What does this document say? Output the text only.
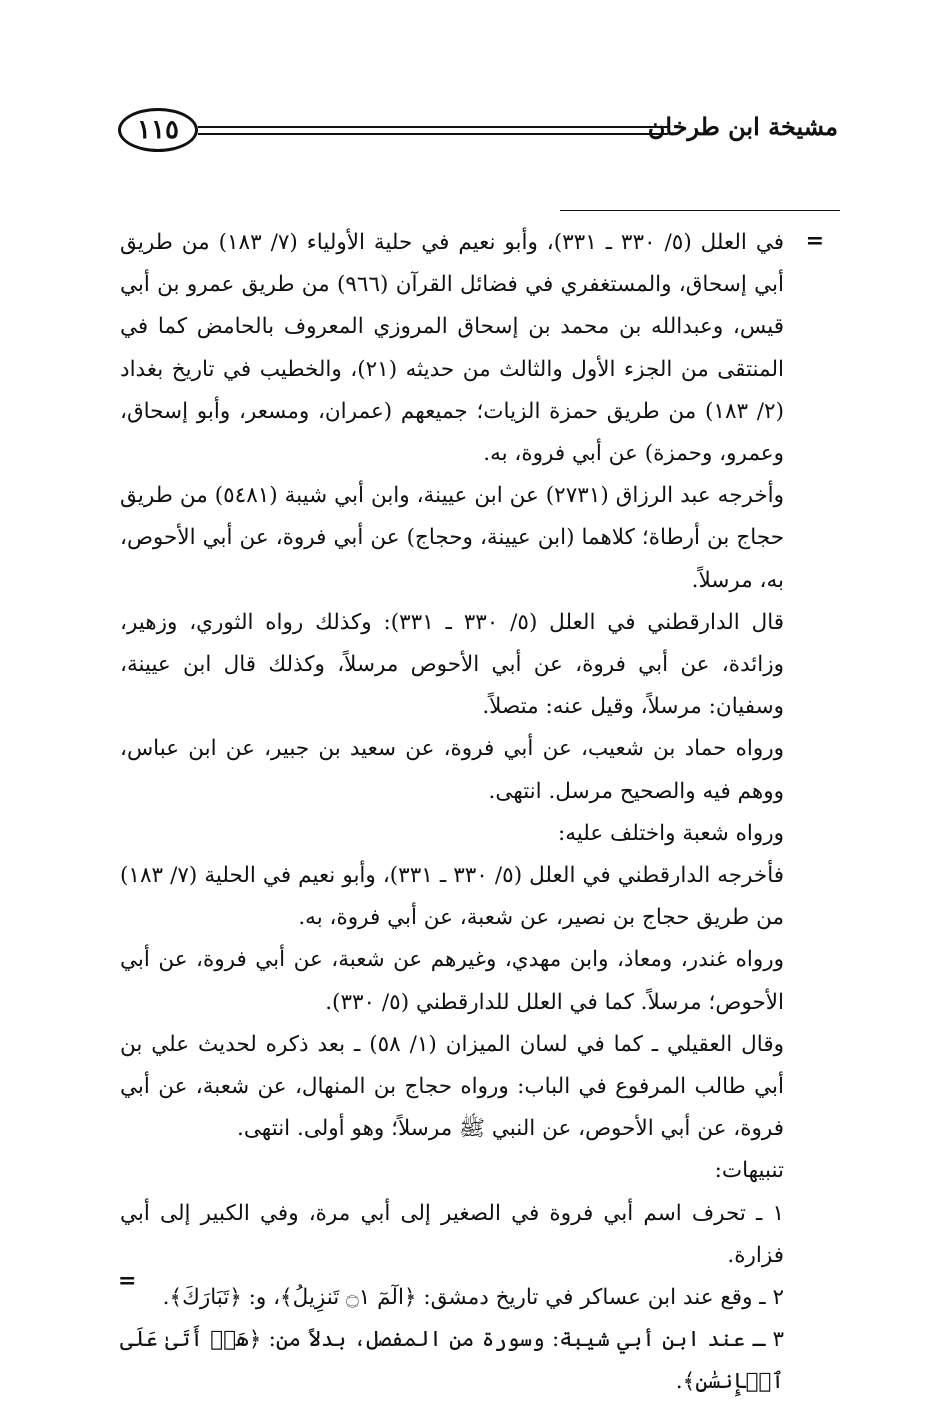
١١٥	مشيخة ابن طرخان
=

في العلل (٥/ ٣٣٠ ـ ٣٣١)، وأبو نعيم في حلية الأولياء (٧/ ١٨٣) من طريق أبي إسحاق، والمستغفري في فضائل القرآن (٩٦٦) من طريق عمرو بن أبي قيس، وعبدالله بن محمد بن إسحاق المروزي المعروف بالحامض كما في المنتقى من الجزء الأول والثالث من حديثه (٢١)، والخطيب في تاريخ بغداد (٢/ ١٨٣) من طريق حمزة الزيات؛ جميعهم (عمران، ومسعر، وأبو إسحاق، وعمرو، وحمزة) عن أبي فروة، به.

وأخرجه عبد الرزاق (٢٧٣١) عن ابن عيينة، وابن أبي شيبة (٥٤٨١) من طريق حجاج بن أرطاة؛ كلاهما (ابن عيينة، وحجاج) عن أبي فروة، عن أبي الأحوص، به، مرسلاً.

قال الدارقطني في العلل (٥/ ٣٣٠ ـ ٣٣١): وكذلك رواه الثوري، وزهير، وزائدة، عن أبي فروة، عن أبي الأحوص مرسلاً، وكذلك قال ابن عيينة، وسفيان: مرسلاً، وقيل عنه: متصلاً.

ورواه حماد بن شعيب، عن أبي فروة، عن سعيد بن جبير، عن ابن عباس، ووهم فيه والصحيح مرسل. انتهى.

ورواه شعبة واختلف عليه:

فأخرجه الدارقطني في العلل (٥/ ٣٣٠ ـ ٣٣١)، وأبو نعيم في الحلية (٧/ ١٨٣) من طريق حجاج بن نصير، عن شعبة، عن أبي فروة، به.

ورواه غندر، ومعاذ، وابن مهدي، وغيرهم عن شعبة، عن أبي فروة، عن أبي الأحوص؛ مرسلاً. كما في العلل للدارقطني (٥/ ٣٣٠).

وقال العقيلي ـ كما في لسان الميزان (١/ ٥٨) ـ بعد ذكره لحديث علي بن أبي طالب المرفوع في الباب: ورواه حجاج بن المنهال، عن شعبة، عن أبي فروة، عن أبي الأحوص، عن النبي ﷺ مرسلاً؛ وهو أولى. انتهى.

تنبيهات:

١ ـ تحرف اسم أبي فروة في الصغير إلى أبي مرة، وفي الكبير إلى أبي فزارة.

٢ ـ وقع عند ابن عساكر في تاريخ دمشق: ﴿الٓمٓ ۝١ تَنزِيلُ﴾، و: ﴿تَبَارَكَ﴾.

٣ ـ عند ابن أبي شيبة: وسورة من المفصل، بدلاً من: ﴿هَلۡ أَتَىٰ عَلَى ٱلۡإِنسَٰنِ﴾.

=
